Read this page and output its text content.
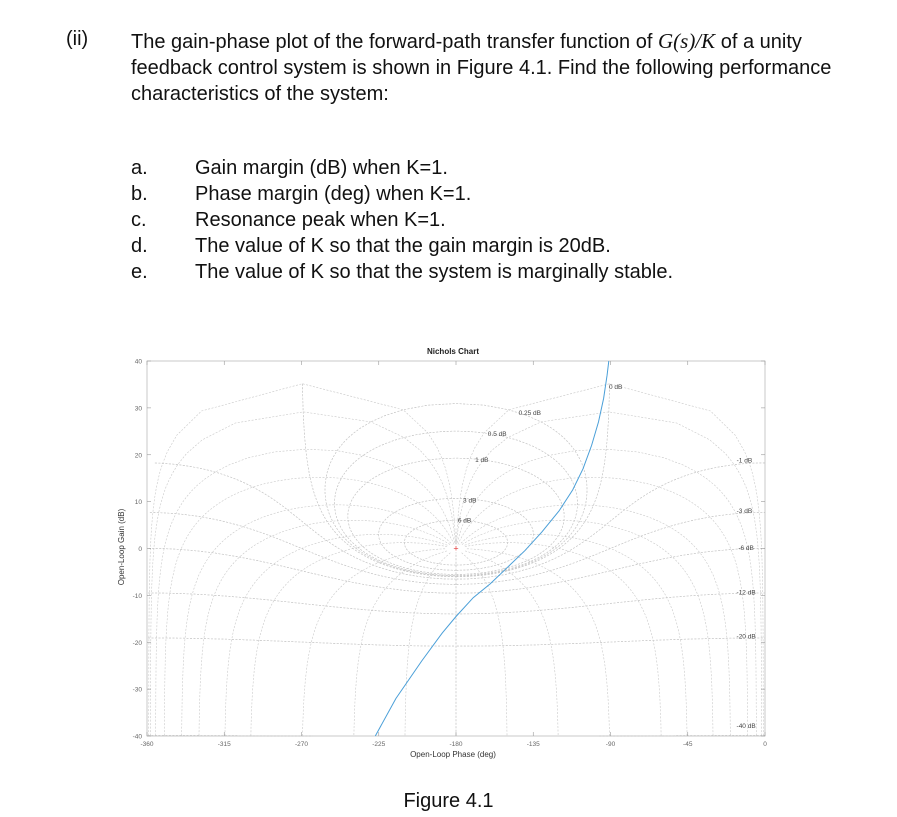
(ii) The gain-phase plot of the forward-path transfer function of G(s)/K of a unity feedback control system is shown in Figure 4.1. Find the following performance characteristics of the system:
a.	Gain margin (dB) when K=1.
b.	Phase margin (deg) when K=1.
c.	Resonance peak when K=1.
d.	The value of K so that the gain margin is 20dB.
e.	The value of K so that the system is marginally stable.
-360	-315	-270	-225	-180	-135	-90	-45	0
-40
-30
-20
-10
0
10
20
30
40
+
0 dB
0.25 dB
0.5 dB
1 dB
3 dB
6 dB
-1 dB
-3 dB
-6 dB
-12 dB
-20 dB
-40 dB
Nichols Chart
Open-Loop Phase (deg)
Open-Loop Gain (dB)
Figure 4.1
